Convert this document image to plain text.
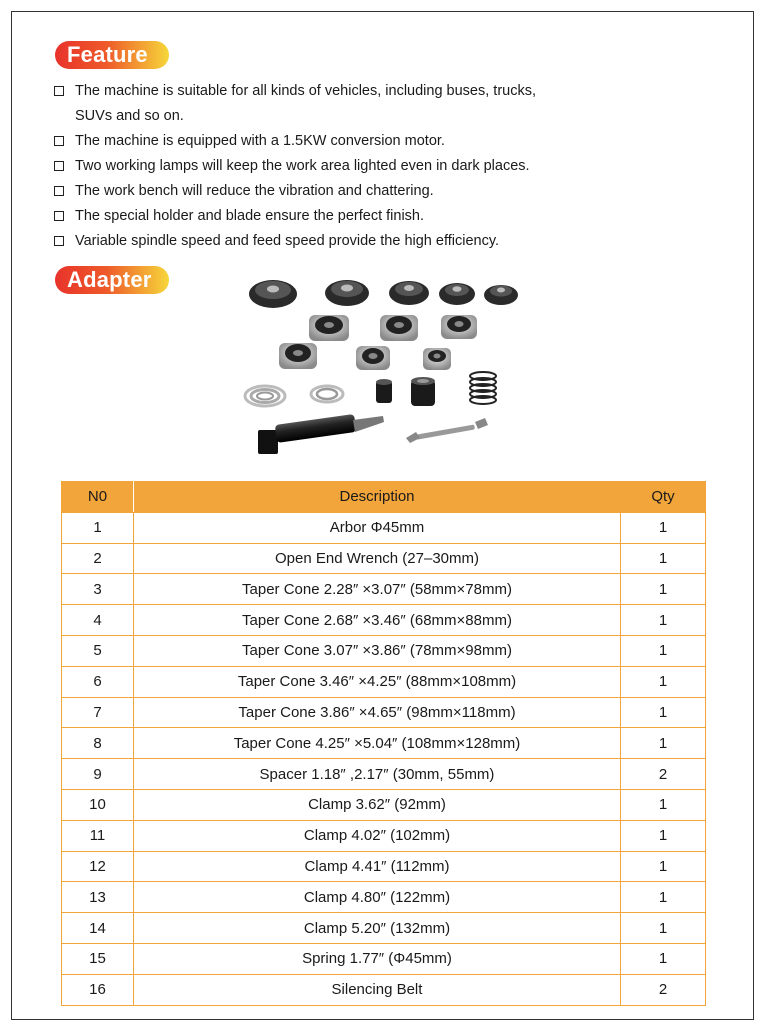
Feature
The machine is suitable for all kinds of vehicles, including buses, trucks,
SUVs and so on.
The machine is equipped with a 1.5KW conversion motor.
Two working lamps will keep the work area lighted even in dark places.
The work bench will reduce the vibration and chattering.
The special holder and blade ensure the perfect finish.
Variable spindle speed and feed speed provide the high efficiency.
Adapter
N0	Description	Qty
1	Arbor Φ45mm	1
2	Open End Wrench (27–30mm)	1
3	Taper Cone 2.28″ ×3.07″ (58mm×78mm)	1
4	Taper Cone 2.68″ ×3.46″ (68mm×88mm)	1
5	Taper Cone 3.07″ ×3.86″ (78mm×98mm)	1
6	Taper Cone 3.46″ ×4.25″ (88mm×108mm)	1
7	Taper Cone 3.86″ ×4.65″ (98mm×118mm)	1
8	Taper Cone 4.25″ ×5.04″ (108mm×128mm)	1
9	Spacer 1.18″ ,2.17″ (30mm, 55mm)	2
10	Clamp 3.62″ (92mm)	1
11	Clamp 4.02″ (102mm)	1
12	Clamp 4.41″ (112mm)	1
13	Clamp 4.80″ (122mm)	1
14	Clamp 5.20″ (132mm)	1
15	Spring 1.77″ (Φ45mm)	1
16	Silencing Belt	2
